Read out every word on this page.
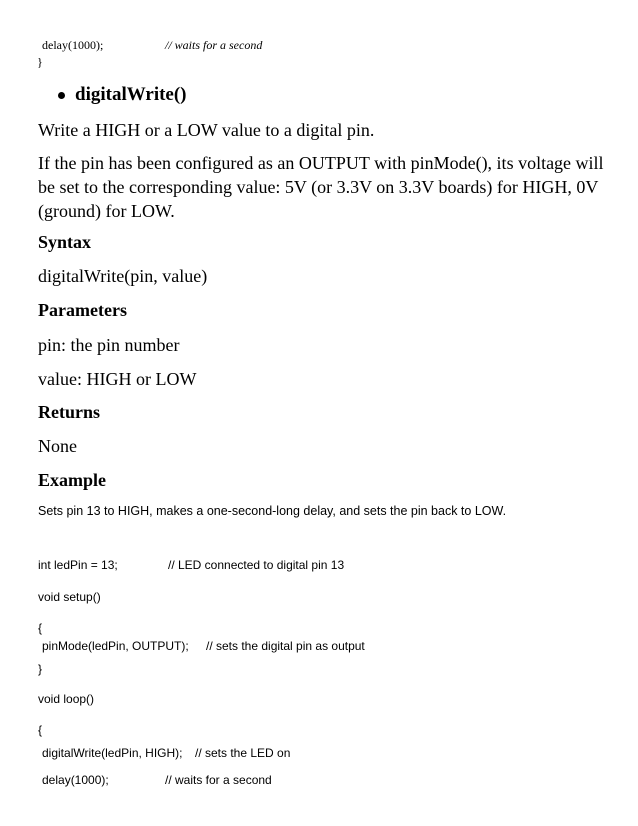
delay(1000);	// waits for a second
}
digitalWrite()
Write a HIGH or a LOW value to a digital pin.
If the pin has been configured as an OUTPUT with pinMode(), its voltage will
be set to the corresponding value: 5V (or 3.3V on 3.3V boards) for HIGH, 0V
(ground) for LOW.
Syntax
digitalWrite(pin, value)
Parameters
pin: the pin number
value: HIGH or LOW
Returns
None
Example
Sets pin 13 to HIGH, makes a one-second-long delay, and sets the pin back to LOW.
int ledPin = 13;	// LED connected to digital pin 13
void setup()
{
pinMode(ledPin, OUTPUT); // sets the digital pin as output
}
void loop()
{
digitalWrite(ledPin, HIGH); // sets the LED on
delay(1000);	// waits for a second
